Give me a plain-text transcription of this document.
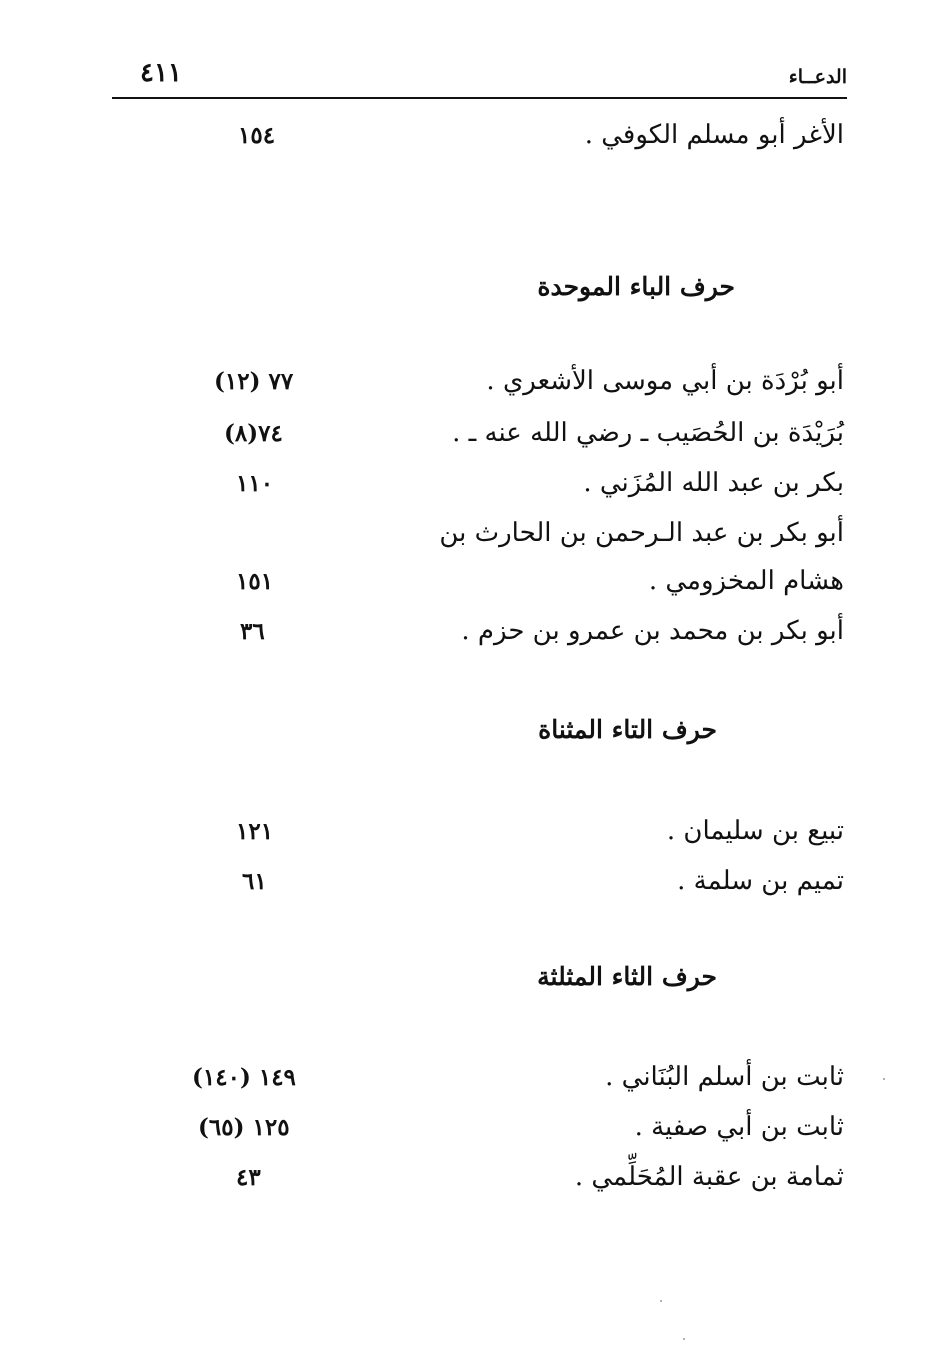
٤١١	الدعــاء
الأغر أبو مسلم الكوفي .
١٥٤
حرف الباء الموحدة
أبو بُرْدَة بن أبي موسى الأشعري .
٧٧ (١٢)
بُرَيْدَة بن الحُصَيب ـ رضي الله عنه ـ .
٧٤(٨)
بكر بن عبد الله المُزَني .
١١٠
أبو بكر بن عبد الـرحمن بن الحارث بن
هشام المخزومي .
١٥١
أبو بكر بن محمد بن عمرو بن حزم .
٣٦
حرف التاء المثناة
تبيع بن سليمان .
١٢١
تميم بن سلمة .
٦١
حرف الثاء المثلثة
ثابت بن أسلم البُنَاني .
١٤٩ (١٤٠)
ثابت بن أبي صفية .
١٢٥ (٦٥)
ثمامة بن عقبة المُحَلِّمي .
٤٣
